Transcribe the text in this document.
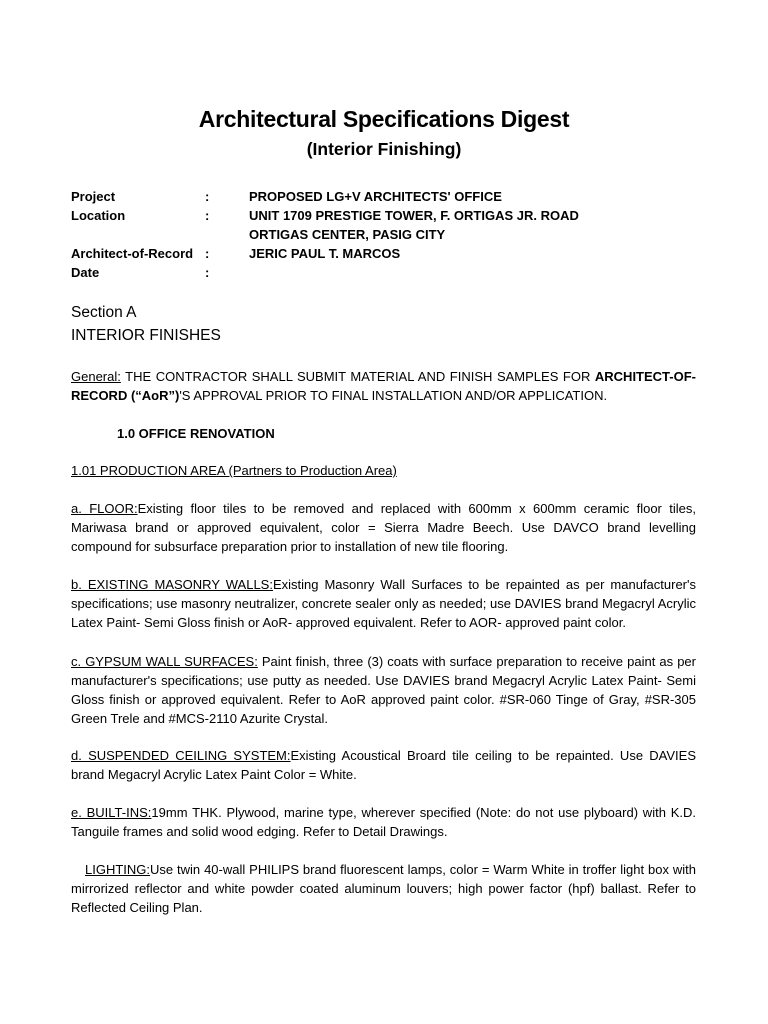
Architectural Specifications Digest
(Interior Finishing)
Project	:	PROPOSED LG+V ARCHITECTS' OFFICE
Location	:	UNIT 1709 PRESTIGE TOWER, F. ORTIGAS JR. ROAD
ORTIGAS CENTER, PASIG CITY
Architect-of-Record :	JERIC PAUL T. MARCOS
Date	:
Section A
INTERIOR FINISHES

General: THE CONTRACTOR SHALL SUBMIT MATERIAL AND FINISH SAMPLES FOR ARCHITECT-OF-RECORD (“AoR”)'S APPROVAL PRIOR TO FINAL INSTALLATION AND/OR APPLICATION.

1.0 OFFICE RENOVATION
1.01 PRODUCTION AREA (Partners to Production Area)

a. FLOOR:Existing floor tiles to be removed and replaced with 600mm x 600mm ceramic floor tiles, Mariwasa brand or approved equivalent, color = Sierra Madre Beech. Use DAVCO brand levelling compound for subsurface preparation prior to installation of new tile flooring.

b. EXISTING MASONRY WALLS:Existing Masonry Wall Surfaces to be repainted as per manufacturer's specifications; use masonry neutralizer, concrete sealer only as needed; use DAVIES brand Megacryl Acrylic Latex Paint- Semi Gloss finish or AoR- approved equivalent. Refer to AOR- approved paint color.

c. GYPSUM WALL SURFACES: Paint finish, three (3) coats with surface preparation to receive paint as per manufacturer's specifications; use putty as needed. Use DAVIES brand Megacryl Acrylic Latex Paint- Semi Gloss finish or approved equivalent. Refer to AoR approved paint color. #SR-060 Tinge of Gray, #SR-305 Green Trele and #MCS-2110 Azurite Crystal.

d. SUSPENDED CEILING SYSTEM:Existing Acoustical Broard tile ceiling to be repainted. Use DAVIES brand Megacryl Acrylic Latex Paint Color = White.

e. BUILT-INS:19mm THK. Plywood, marine type, wherever specified (Note: do not use plyboard) with K.D. Tanguile frames and solid wood edging. Refer to Detail Drawings.

LIGHTING:Use twin 40-wall PHILIPS brand fluorescent lamps, color = Warm White in troffer light box with mirrorized reflector and white powder coated aluminum louvers; high power factor (hpf) ballast. Refer to Reflected Ceiling Plan.
